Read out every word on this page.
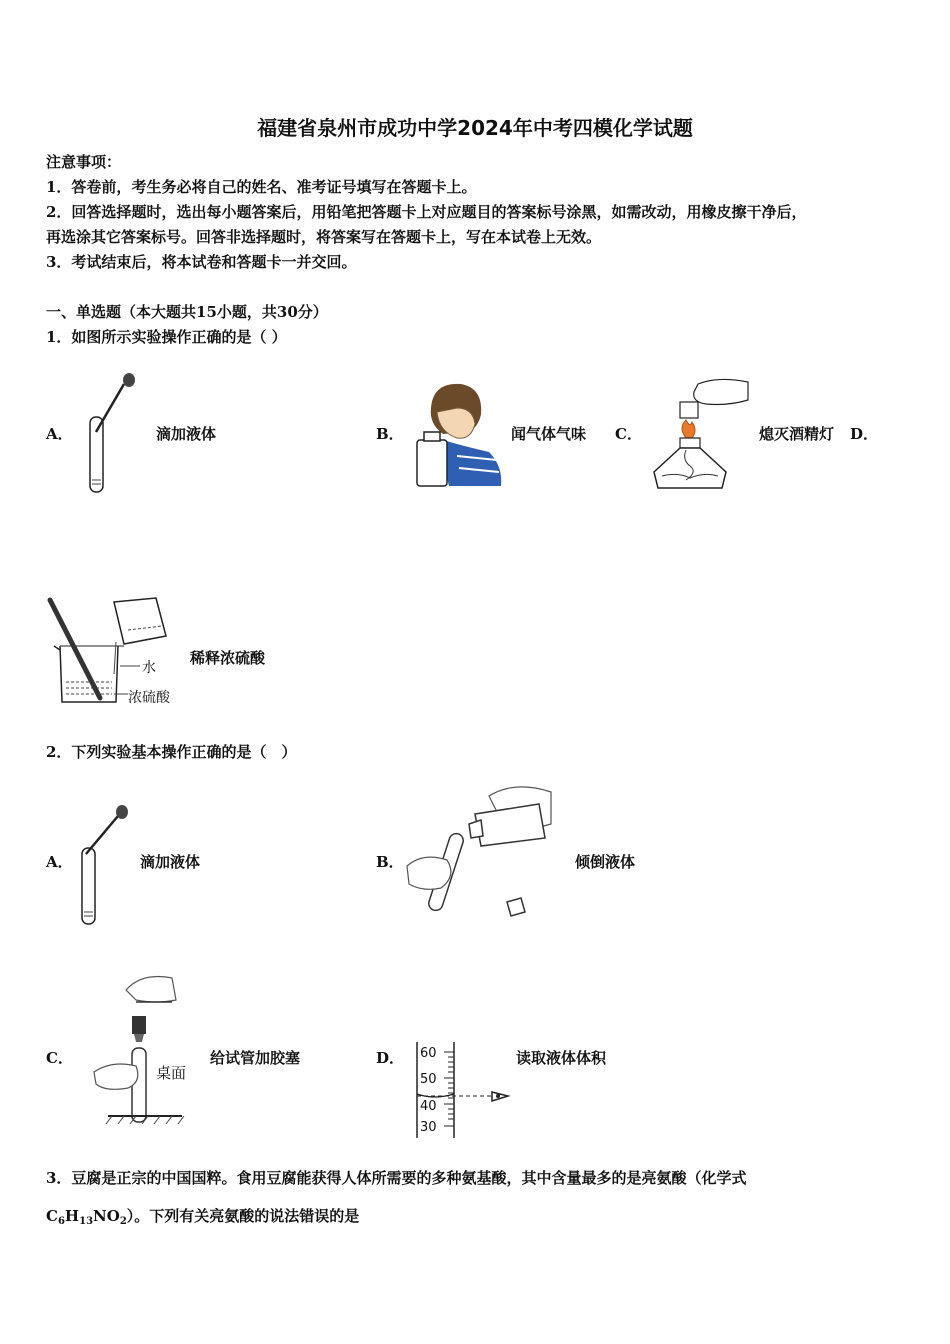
福建省泉州市成功中学2024年中考四模化学试题
注意事项：
1．答卷前，考生务必将自己的姓名、准考证号填写在答题卡上。
2．回答选择题时，选出每小题答案后，用铅笔把答题卡上对应题目的答案标号涂黑，如需改动，用橡皮擦干净后，
再选涂其它答案标号。回答非选择题时，将答案写在答题卡上，写在本试卷上无效。
3．考试结束后，将本试卷和答题卡一并交回。
一、单选题（本大题共15小题，共30分）
1．如图所示实验操作正确的是（ ）
A．	滴加液体	B．	闻气体气味 C．	熄灭酒精灯 D．
水
浓硫酸
稀释浓硫酸
2．下列实验基本操作正确的是（　）
A．	滴加液体	B．	倾倒液体
C．
桌面
给试管加胶塞	D． 60
50
40
30
读取液体体积
3．豆腐是正宗的中国国粹。食用豆腐能获得人体所需要的多种氨基酸，其中含量最多的是亮氨酸（化学式
$C_6H_{13}NO_2$）。下列有关亮氨酸的说法错误的是
